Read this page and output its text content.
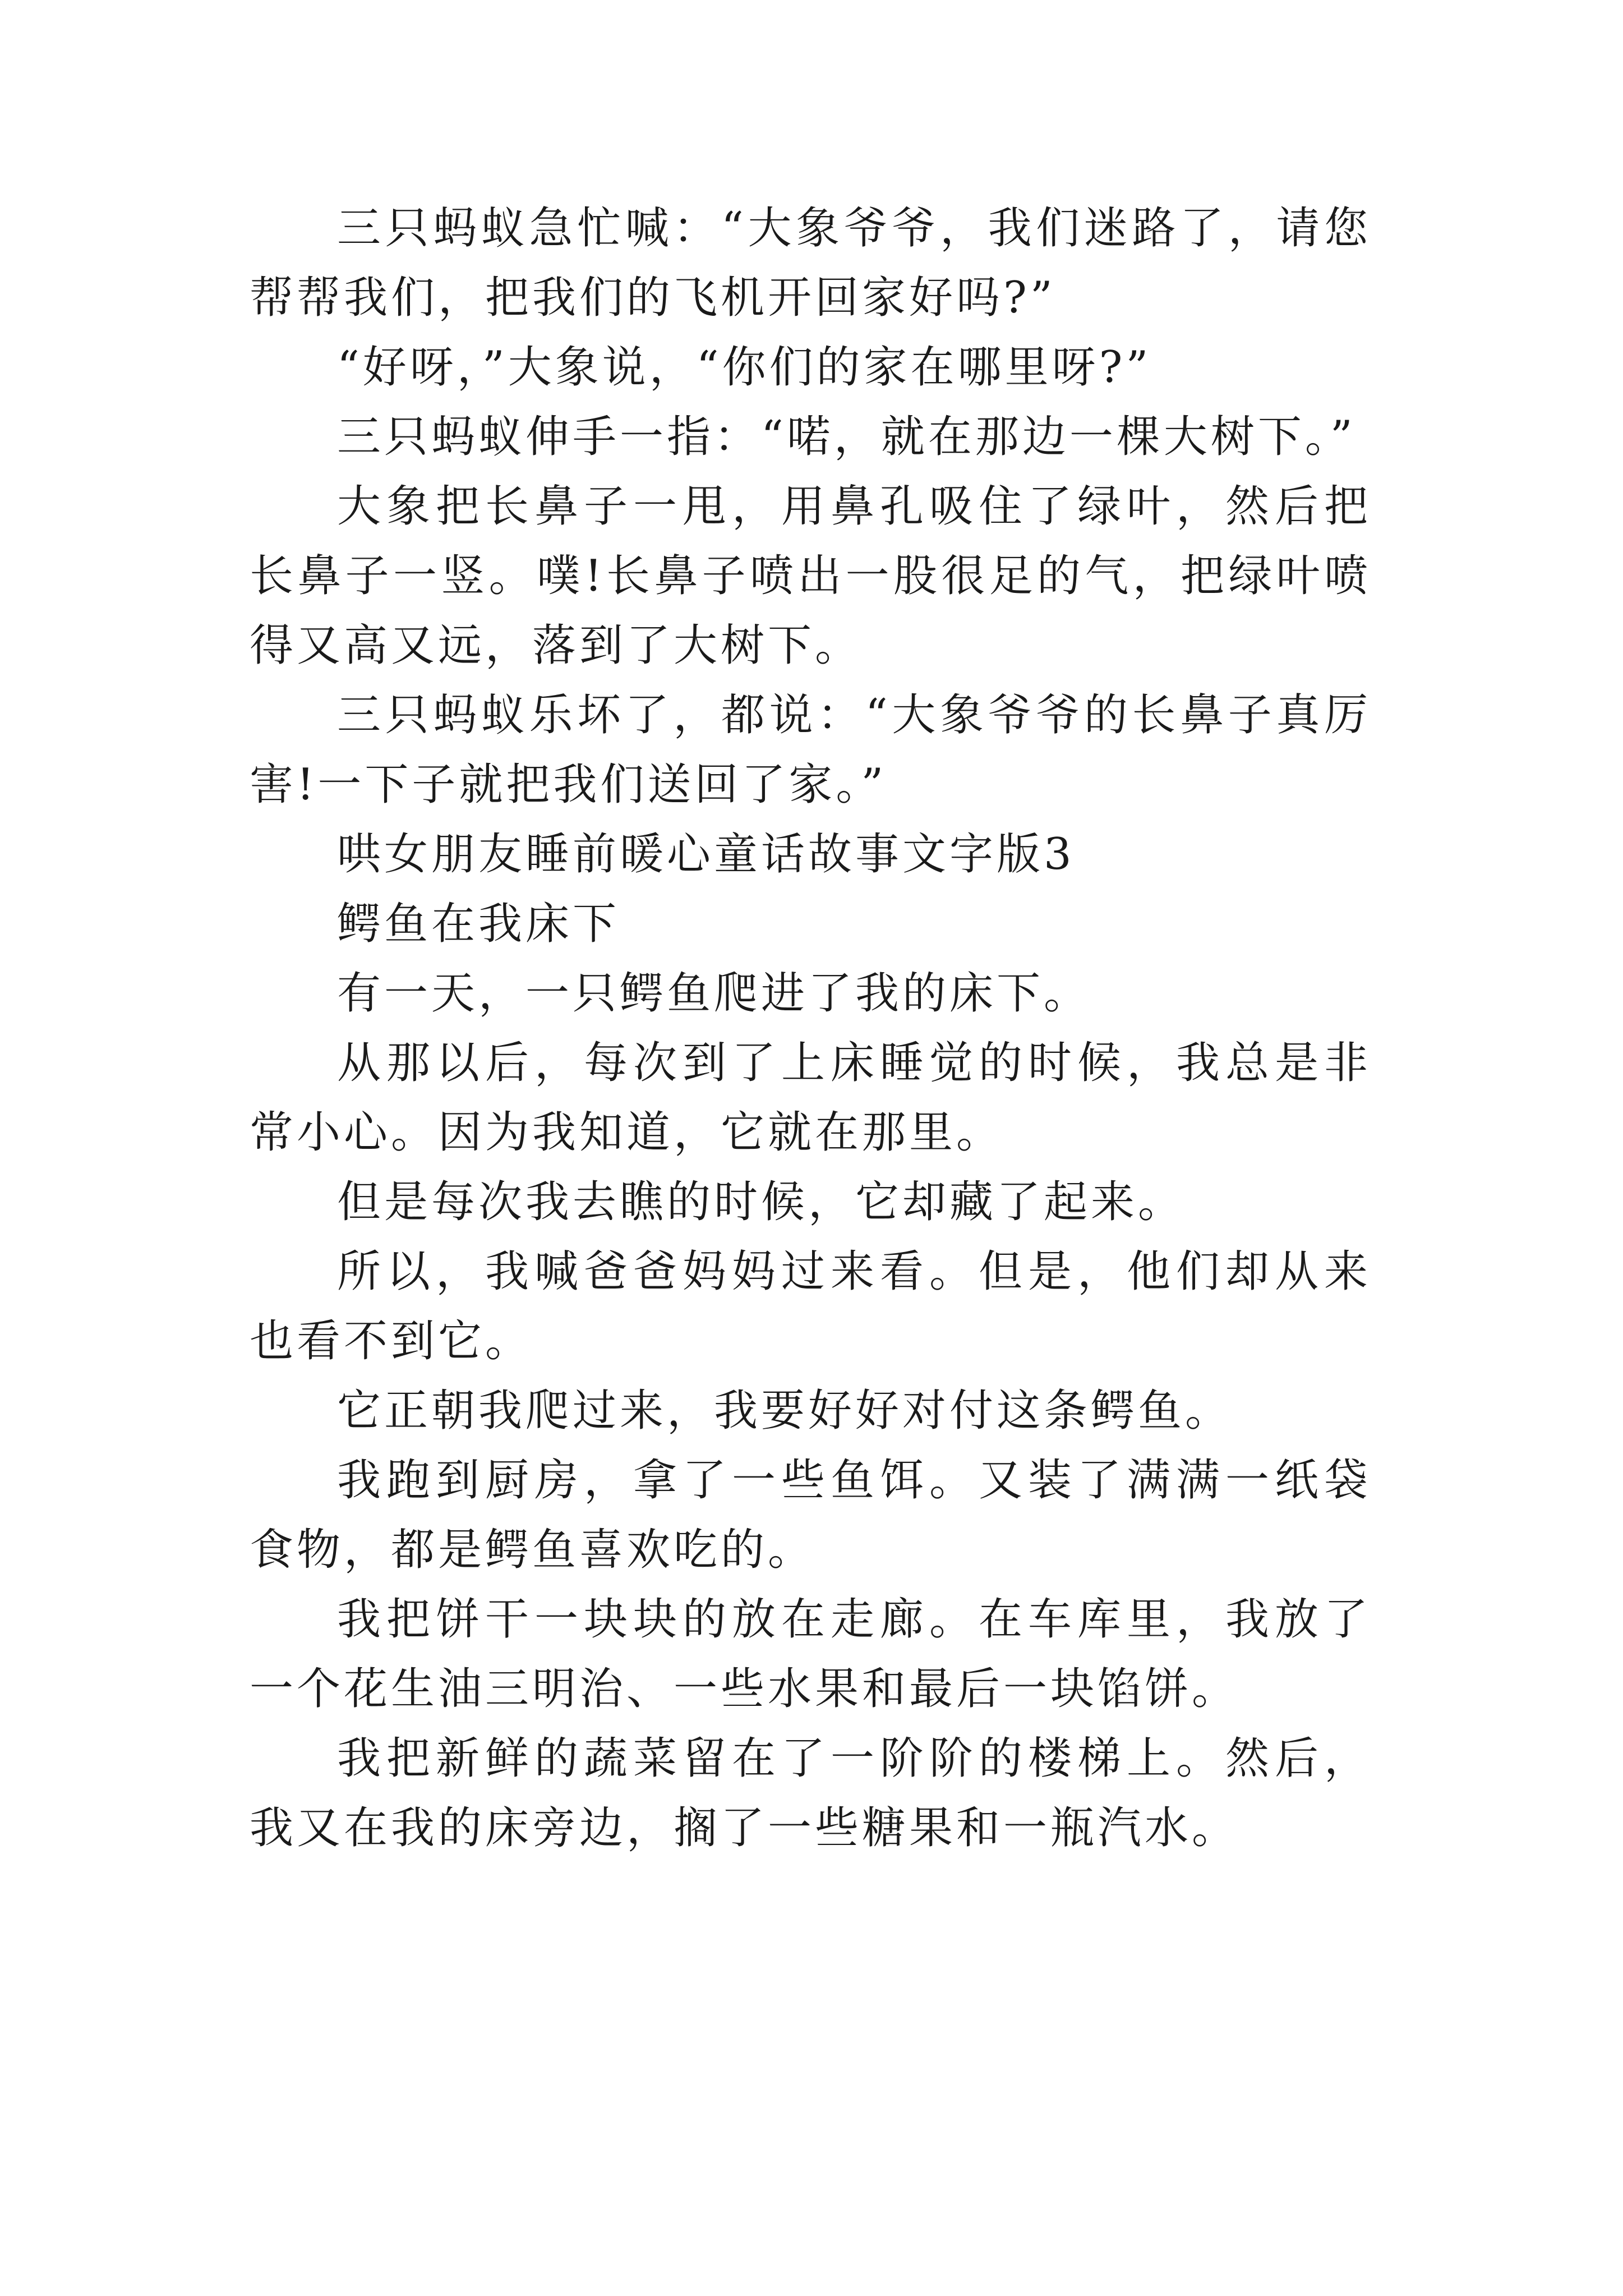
三只蚂蚁急忙喊：“大象爷爷，我们迷路了，请您帮帮我们，把我们的飞机开回家好吗?”

“好呀，”大象说，“你们的家在哪里呀?”

三只蚂蚁伸手一指：“喏，就在那边一棵大树下。”

大象把长鼻子一甩，用鼻孔吸住了绿叶，然后把长鼻子一竖。噗!长鼻子喷出一股很足的气，把绿叶喷得又高又远，落到了大树下。

三只蚂蚁乐坏了，都说：“大象爷爷的长鼻子真厉害!一下子就把我们送回了家。”

哄女朋友睡前暖心童话故事文字版3

鳄鱼在我床下

有一天，一只鳄鱼爬进了我的床下。

从那以后，每次到了上床睡觉的时候，我总是非常小心。因为我知道，它就在那里。

但是每次我去瞧的时候，它却藏了起来。

所以，我喊爸爸妈妈过来看。但是，他们却从来也看不到它。

它正朝我爬过来，我要好好对付这条鳄鱼。

我跑到厨房，拿了一些鱼饵。又装了满满一纸袋食物，都是鳄鱼喜欢吃的。

我把饼干一块块的放在走廊。在车库里，我放了一个花生油三明治、一些水果和最后一块馅饼。

我把新鲜的蔬菜留在了一阶阶的楼梯上。然后，我又在我的床旁边，搁了一些糖果和一瓶汽水。
